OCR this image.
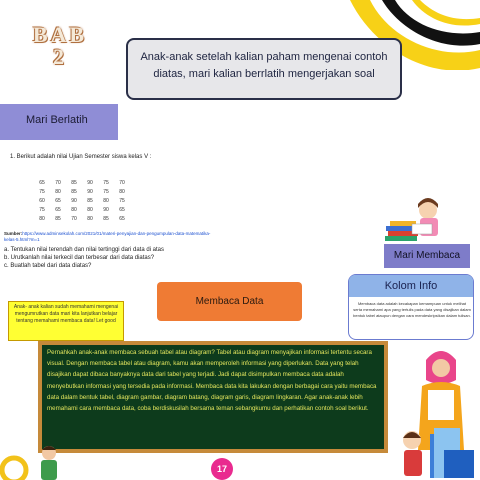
BAB
2	Anak-anak setelah kalian paham mengenai contoh diatas, mari kalian berrlatih mengerjakan soal
Mari Berlatih
1. Berikut adalah nilai Ujian Semester siswa kelas V :
65	70	85	90	75	70
75	80	85	90	75	80
60	65	90	85	80	75
75	65	80	80	90	65
80	85	70	80	85	65
Sumber:https://www.adminsekolah.com/2021/01/materi-penyajian-dan-pengumpulan-data-matematika-kelas-5.html?m=1
a. Tentukan nilai terendah dan nilai tertinggi dari data di atas
b. Urutkanlah nilai terkecil dan terbesar dari data diatas?
c. Buatlah tabel dari data diatas?
Mari Membaca
Kolom Info
Membaca data adalah kecakapan kemampuan untuk melihat serta memahami apa yang tertulis pada data yang disajikan dalam bentuk tabel ataupun dengan cara mendeskripsikan dalam tulisan.
Membaca Data
Anak- anak kalian sudah memahami mengenai mengumrutkan data mari kita lanjutkan belajar tentang memahami membaca data! Let good
Pernahkah anak-anak membaca sebuah tabel atau diagram? Tabel atau diagram menyajikan informasi tertentu secara visual. Dengan membaca tabel atau diagram, kamu akan memperoleh informasi yang diperlukan. Data yang telah disajikan dapat dibaca banyaknya data dari tabel yang terjadi. Jadi dapat disimpulkan membaca data adalah menyebutkan informasi yang tersedia pada informasi. Membaca data kita lakukan dengan berbagai cara yaitu membaca data dalam bentuk tabel, diagram gambar, diagram batang, diagram garis, diagram lingkaran. Agar anak-anak lebih memahami cara membaca data, coba berdiskusilah bersama teman sebangkumu dan perhatikan contoh soal berikut.
17
